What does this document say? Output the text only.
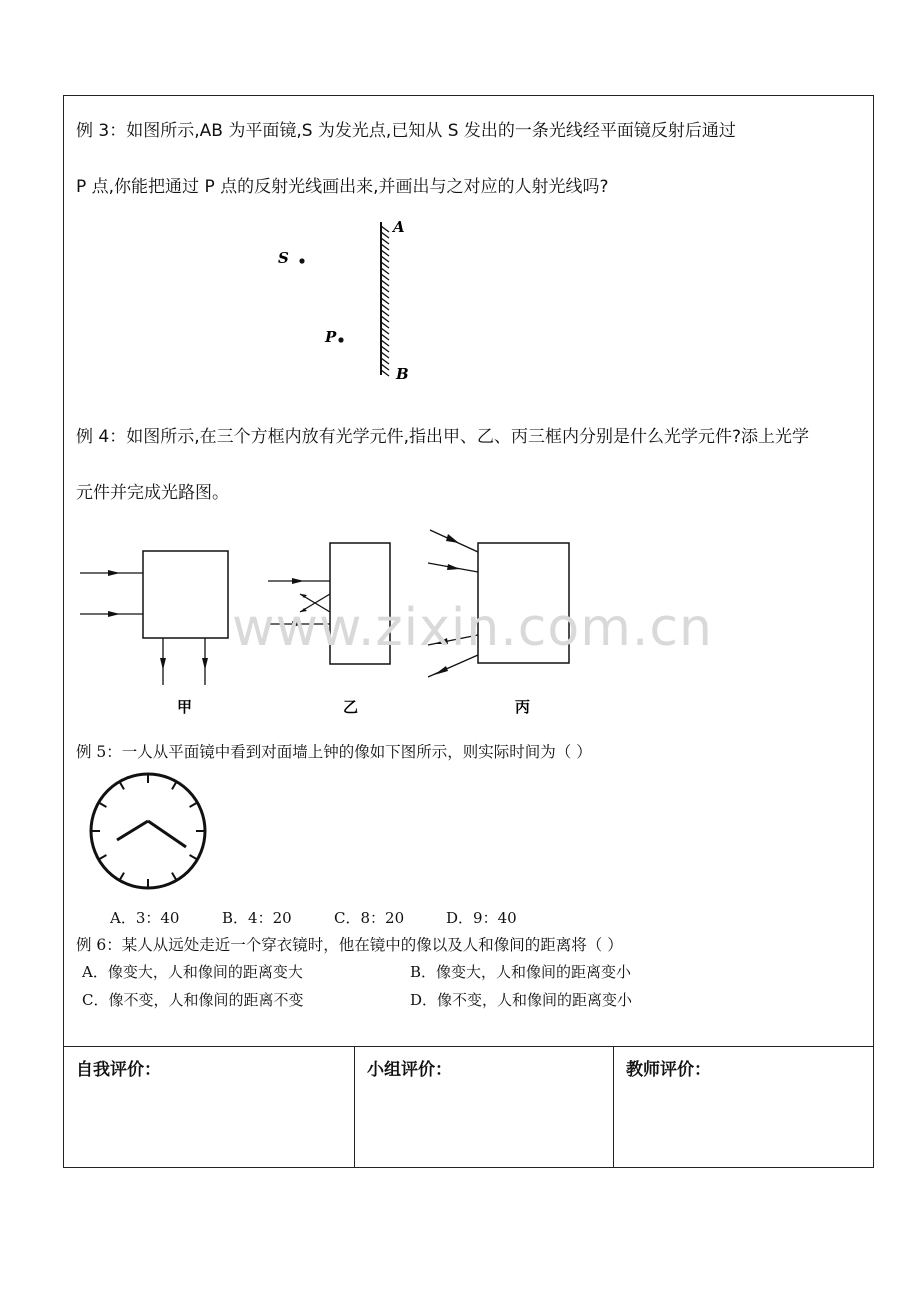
例 3：如图所示,AB 为平面镜,S 为发光点,已知从 S 发出的一条光线经平面镜反射后通过
P 点,你能把通过 P 点的反射光线画出来,并画出与之对应的人射光线吗?
A
B
S
P
例 4：如图所示,在三个方框内放有光学元件,指出甲、乙、丙三框内分别是什么光学元件?添上光学
元件并完成光路图。
甲	乙	丙
www.zixin.com.cn
例 5：一人从平面镜中看到对面墙上钟的像如下图所示，则实际时间为（ ）
A．3：40	B．4：20	C．8：20	D．9：40
例 6：某人从远处走近一个穿衣镜时，他在镜中的像以及人和像间的距离将（ ）
A．像变大，人和像间的距离变大	B．像变大，人和像间的距离变小
C．像不变，人和像间的距离不变	D．像不变，人和像间的距离变小
自我评价：	小组评价：	教师评价：
